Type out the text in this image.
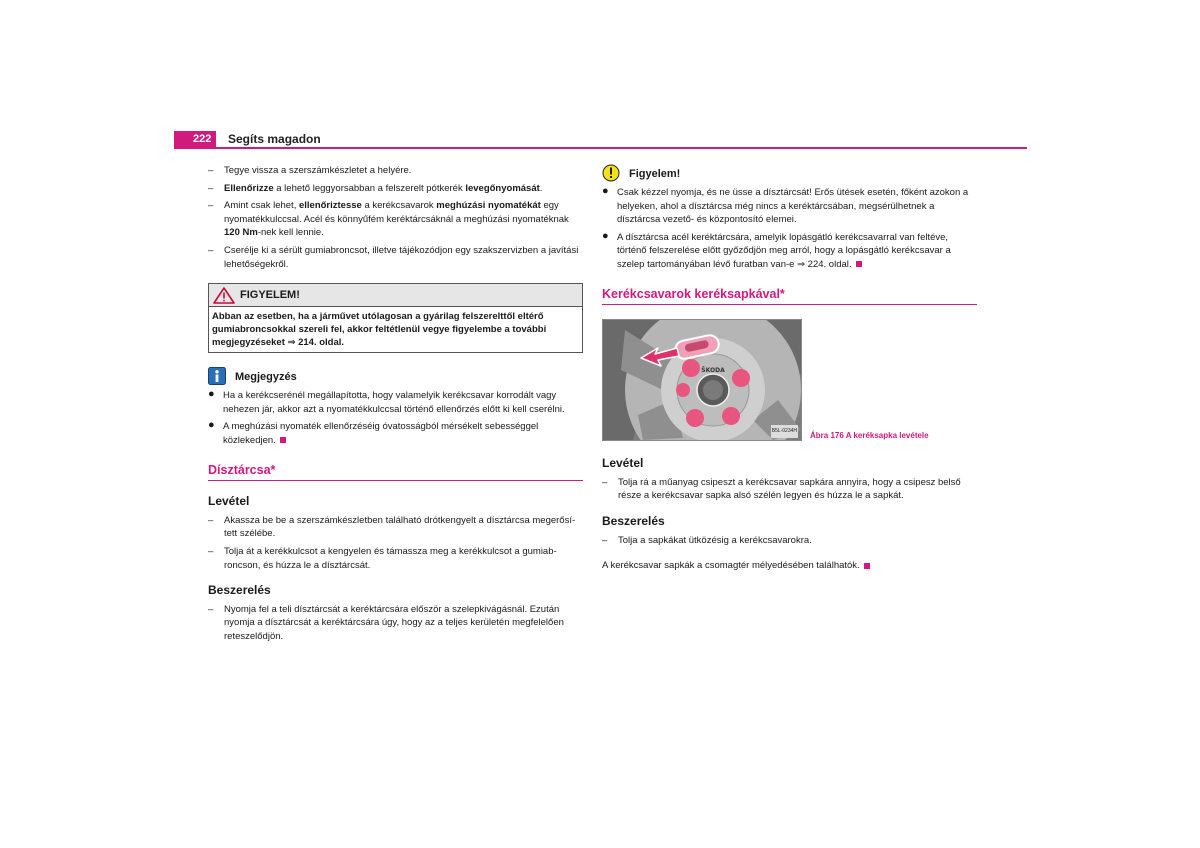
222	Segíts magadon
– Tegye vissza a szerszámkészletet a helyére.
– Ellenőrizze a lehető leggyorsabban a felszerelt pótkerék levegőnyomását.
– Amint csak lehet, ellenőriztesse a kerékcsavarok meghúzási nyomatékát egy nyomatékkulccsal. Acél és könnyűfém keréktárcsáknál a meghúzási nyomatéknak 120 Nm-nek kell lennie.
– Cserélje ki a sérült gumiabroncsot, illetve tájékozódjon egy szakszervizben a javítási lehetőségekről.
FIGYELEM!
Abban az esetben, ha a járművet utólagosan a gyárilag felszerelttől eltérő gumiabroncsokkal szereli fel, akkor feltétlenül vegye figyelembe a további megjegyzéseket ⇒ 214. oldal.
Megjegyzés
● Ha a kerékcserénél megállapította, hogy valamelyik kerékcsavar korrodált vagy nehezen jár, akkor azt a nyomatékkulccsal történő ellenőrzés előtt ki kell cserélni.
● A meghúzási nyomaték ellenőrzéséig óvatosságból mérsékelt sebességgel közlekedjen.
Dísztárcsa*
Levétel
– Akassza be be a szerszámkészletben található drótkengyelt a dísztárcsa megerősített szélébe.
– Tolja át a kerékkulcsot a kengyelen és támassza meg a kerékkulcsot a gumiabroncson, és húzza le a dísztárcsát.
Beszerelés
– Nyomja fel a teli dísztárcsát a keréktárcsára először a szelepkivágásnál. Ezután nyomja a dísztárcsát a keréktárcsára úgy, hogy az a teljes kerületén megfelelően reteszelődjön.
Figyelem!
● Csak kézzel nyomja, és ne üsse a dísztárcsát! Erős ütések esetén, főként azokon a helyeken, ahol a dísztárcsa még nincs a keréktárcsában, megsérülhetnek a dísztárcsa vezető- és központosító elemei.
● A dísztárcsa acél keréktárcsára, amelyik lopásgátló kerékcsavarral van feltéve, történő felszerelése előtt győződjön meg arról, hogy a lopásgátló kerékcsavar a szelep tartományában lévő furatban van-e ⇒ 224. oldal.
Kerékcsavarok keréksapkával*
ŠKODA
B5L-0234H
Ábra 176 A keréksapka levétele
Levétel
– Tolja rá a műanyag csipeszt a kerékcsavar sapkára annyira, hogy a csipesz belső része a kerékcsavar sapka alsó szélén legyen és húzza le a sapkát.
Beszerelés
– Tolja a sapkákat ütközésig a kerékcsavarokra.
A kerékcsavar sapkák a csomagtér mélyedésében találhatók.
